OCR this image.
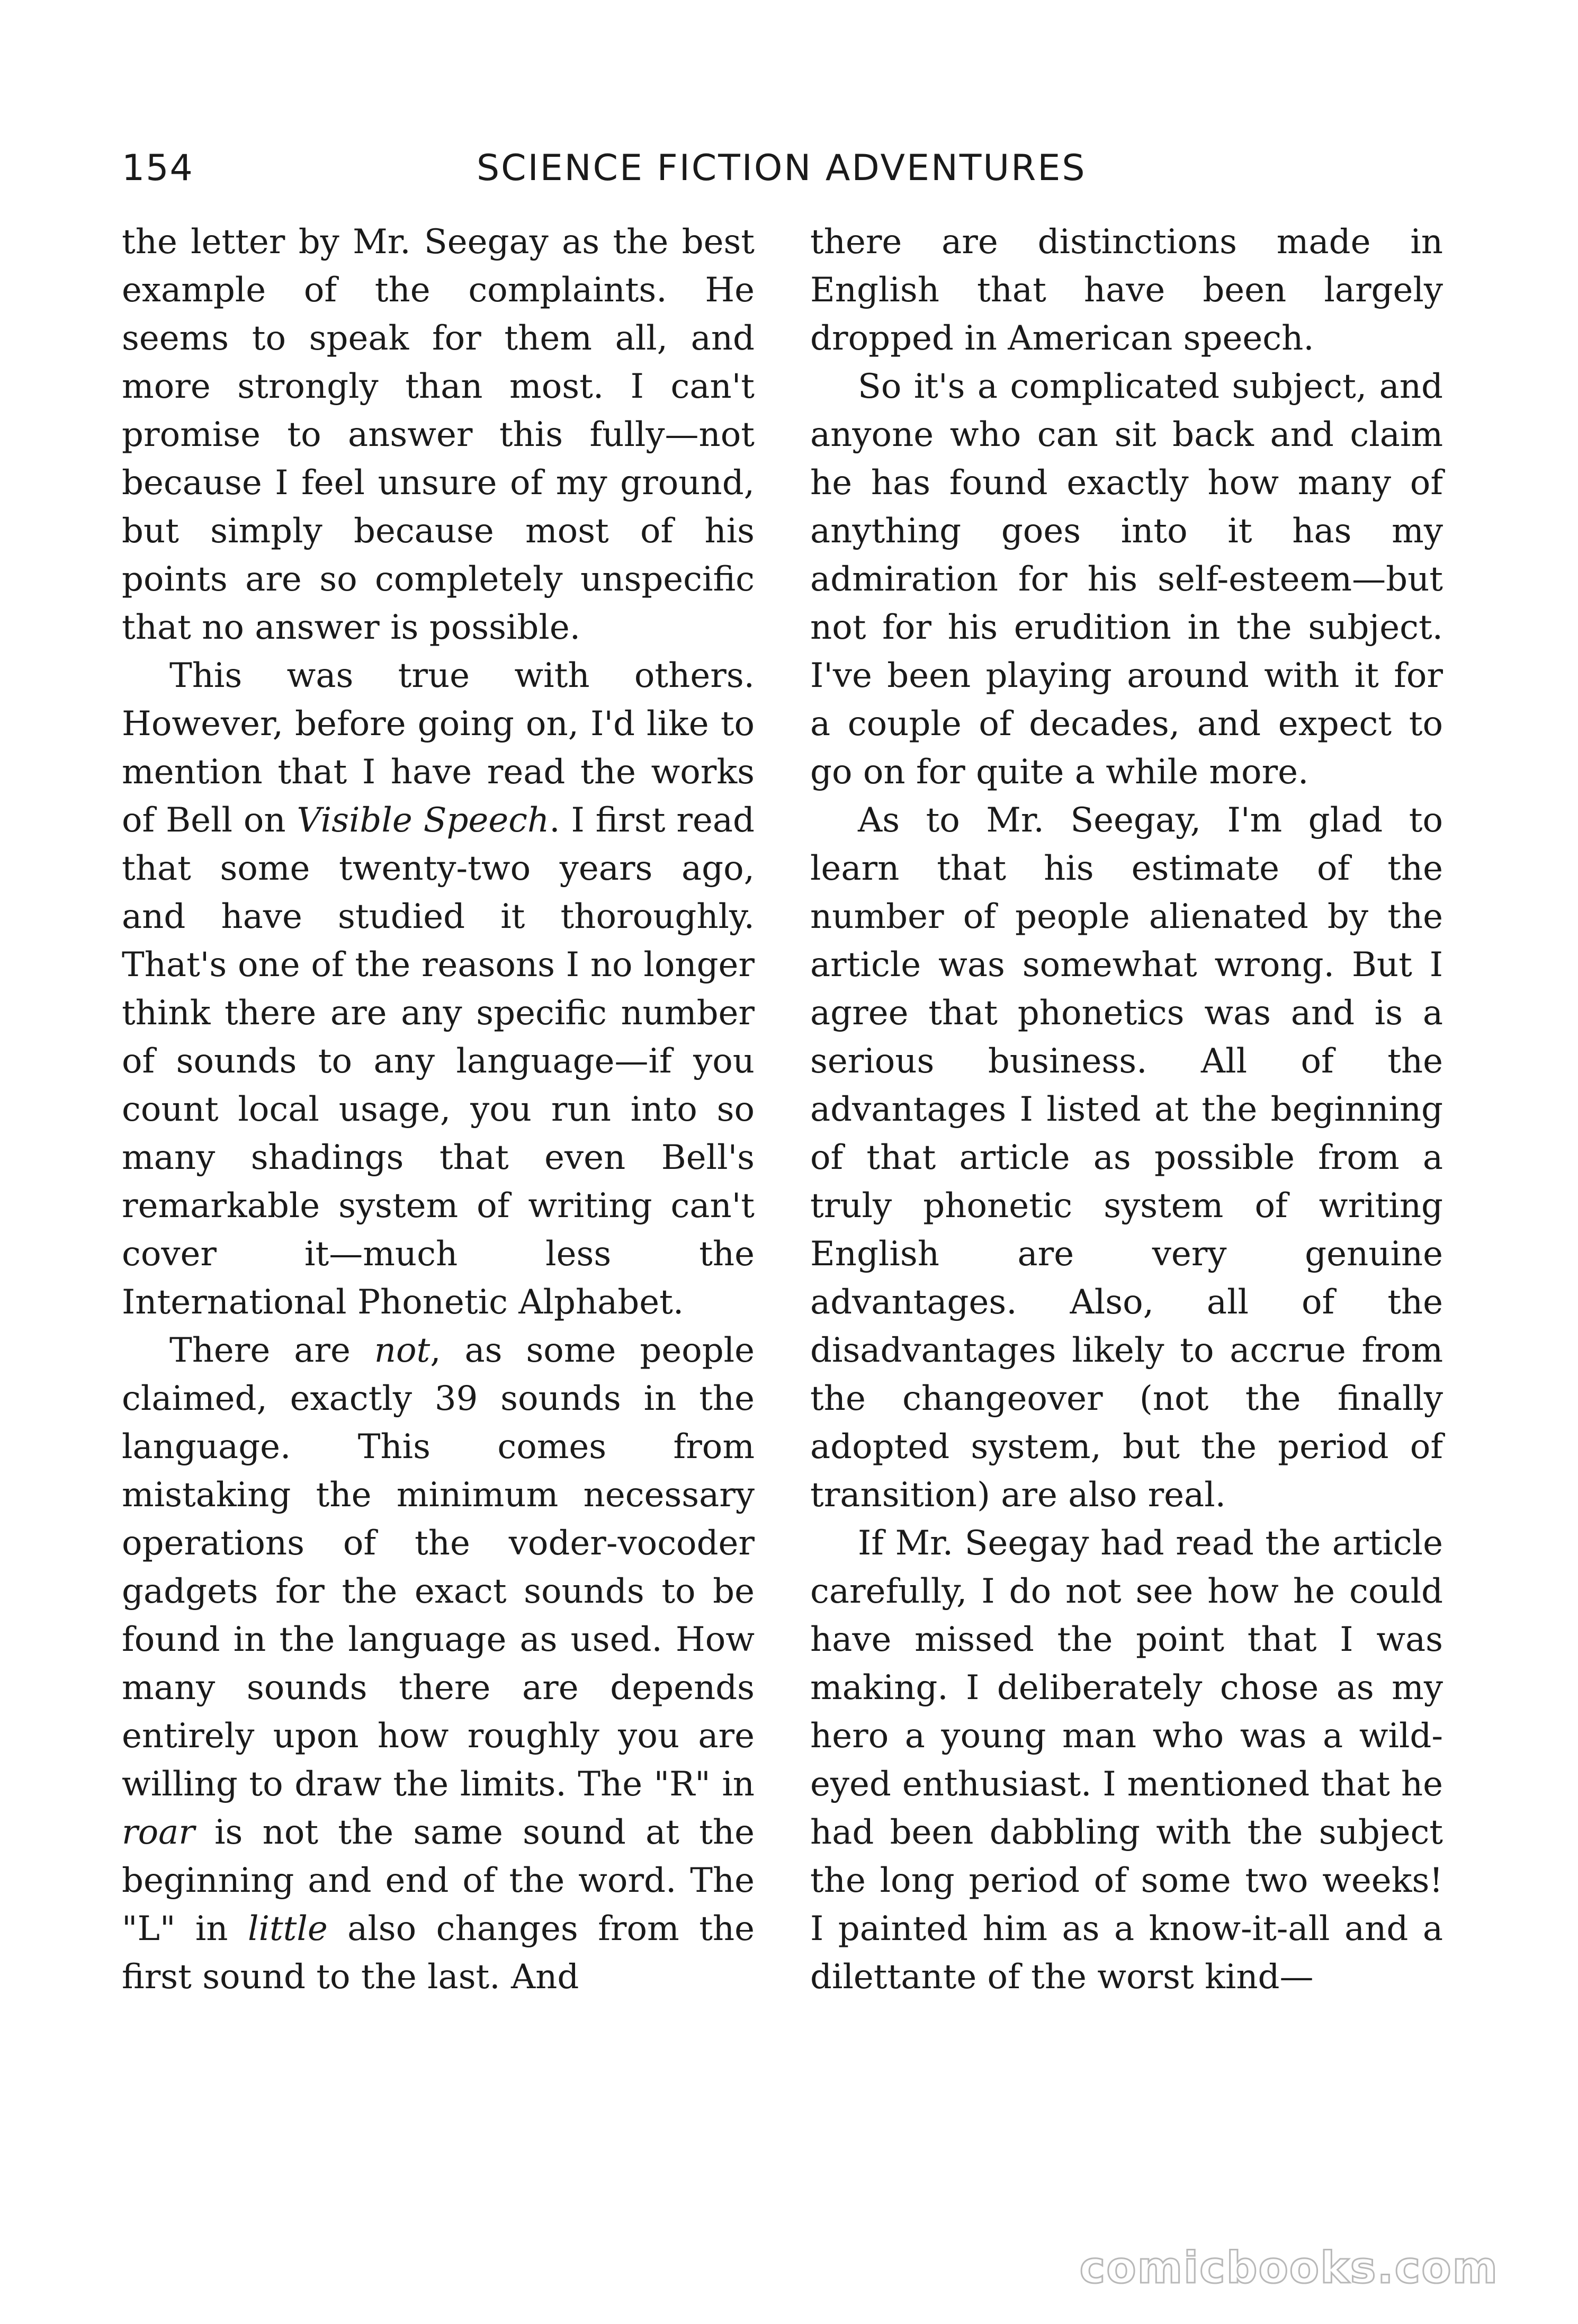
154	SCIENCE FICTION ADVENTURES

the letter by Mr. Seegay as the best example of the complaints. He seems to speak for them all, and more strongly than most. I can't promise to answer this fully—not because I feel unsure of my ground, but simply because most of his points are so completely unspecific that no answer is possible.

This was true with others. However, before going on, I'd like to mention that I have read the works of Bell on Visible Speech. I first read that some twenty-two years ago, and have studied it thoroughly. That's one of the reasons I no longer think there are any specific number of sounds to any language—if you count local usage, you run into so many shadings that even Bell's remarkable system of writing can't cover it—much less the International Phonetic Alphabet.

There are not, as some people claimed, exactly 39 sounds in the language. This comes from mistaking the minimum necessary operations of the voder-vocoder gadgets for the exact sounds to be found in the language as used. How many sounds there are depends entirely upon how roughly you are willing to draw the limits. The "R" in roar is not the same sound at the beginning and end of the word. The "L" in little also changes from the first sound to the last. And

there are distinctions made in English that have been largely dropped in American speech.

So it's a complicated subject, and anyone who can sit back and claim he has found exactly how many of anything goes into it has my admiration for his self-esteem—but not for his erudition in the subject. I've been playing around with it for a couple of decades, and expect to go on for quite a while more.

As to Mr. Seegay, I'm glad to learn that his estimate of the number of people alienated by the article was somewhat wrong. But I agree that phonetics was and is a serious business. All of the advantages I listed at the beginning of that article as possible from a truly phonetic system of writing English are very genuine advantages. Also, all of the disadvantages likely to accrue from the changeover (not the finally adopted system, but the period of transition) are also real.

If Mr. Seegay had read the article carefully, I do not see how he could have missed the point that I was making. I deliberately chose as my hero a young man who was a wild-eyed enthusiast. I mentioned that he had been dabbling with the subject the long period of some two weeks! I painted him as a know-it-all and a dilettante of the worst kind—

comicbooks.com
